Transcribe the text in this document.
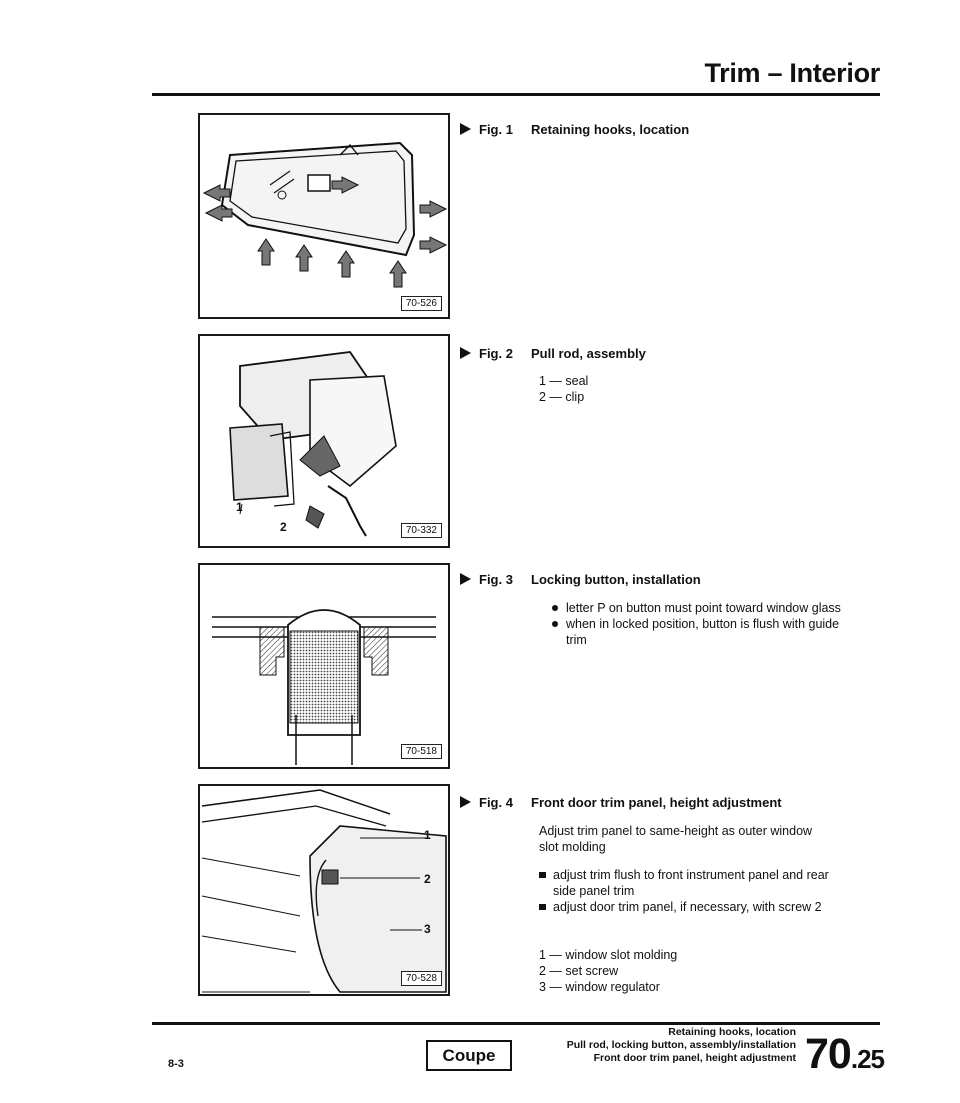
Trim – Interior
70-526
Fig. 1 Retaining hooks, location
1
2	70-332
Fig. 2 Pull rod, assembly
1 — seal
2 — clip
70-518
Fig. 3 Locking button, installation
letter P on button must point toward window glass
when in locked position, button is flush with guide trim
1
2
3
70-528
Fig. 4 Front door trim panel, height adjustment
Adjust trim panel to same-height as outer window slot molding
adjust trim flush to front instrument panel and rear side panel trim
adjust door trim panel, if necessary, with screw 2
1 — window slot molding
2 — set screw
3 — window regulator
8-3	Coupe
Retaining hooks, location
Pull rod, locking button, assembly/installation
Front door trim panel, height adjustment 70.25
